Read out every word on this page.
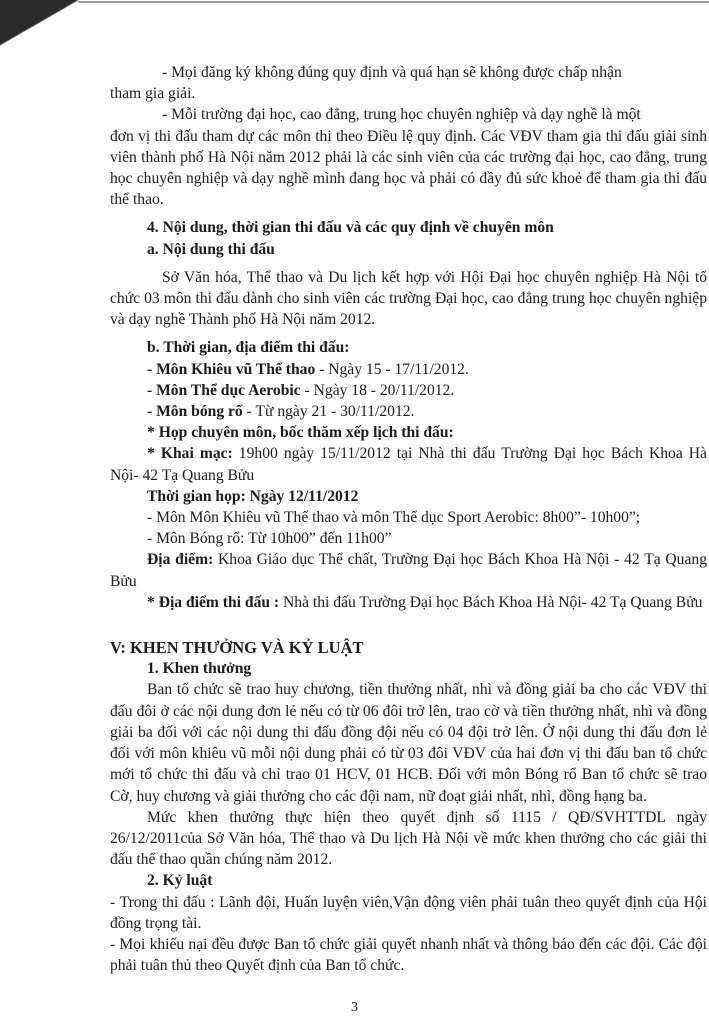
- Mọi đăng ký không đúng quy định và quá hạn sẽ không được chấp nhận

tham gia giải.

- Mỗi trường đại học, cao đẳng, trung học chuyên nghiệp và dạy nghề là một

đơn vị thi đấu tham dự các môn thi theo Điều lệ quy định. Các VĐV tham gia thi đấu giải sinh viên thành phố Hà Nội năm 2012 phải là các sinh viên của các trường đại học, cao đẳng, trung học chuyên nghiệp và dạy nghề mình đang học và phải có đầy đủ sức khoẻ để tham gia thi đấu thể thao.

4. Nội dung, thời gian thi đấu và các quy định về chuyên môn

a. Nội dung thi đấu

Sở Văn hóa, Thể thao và Du lịch kết hợp với Hội Đại học chuyên nghiệp Hà Nội tổ chức 03 môn thi đấu dành cho sinh viên các trường Đại học, cao đẳng trung học chuyên nghiệp và dạy nghề Thành phố Hà Nội năm 2012.

b. Thời gian, địa điểm thi đấu:

- Môn Khiêu vũ Thể thao - Ngày 15 - 17/11/2012.

- Môn Thể dục Aerobic - Ngày 18 - 20/11/2012.

- Môn bóng rổ - Từ ngày 21 - 30/11/2012.

* Họp chuyên môn, bốc thăm xếp lịch thi đấu:

* Khai mạc: 19h00 ngày 15/11/2012 tại Nhà thi đấu Trường Đại học Bách Khoa Hà Nội- 42 Tạ Quang Bửu

Thời gian họp: Ngày 12/11/2012

- Môn Môn Khiêu vũ Thể thao và môn Thể dục Sport Aerobic: 8h00”- 10h00”;

- Môn Bóng rổ: Từ 10h00” đến 11h00”

Địa điểm: Khoa Giáo dục Thể chất, Trường Đại học Bách Khoa Hà Nội - 42 Tạ Quang Bửu

* Địa điểm thi đấu : Nhà thi đấu Trường Đại học Bách Khoa Hà Nội- 42 Tạ Quang Bửu

V: KHEN THƯỞNG VÀ KỶ LUẬT

1. Khen thưởng

Ban tổ chức sẽ trao huy chương, tiền thưởng nhất, nhì và đồng giải ba cho các VĐV thi đấu đôi ở các nội dung đơn lẻ nếu có từ 06 đôi trở lên, trao cờ và tiền thưởng nhất, nhì và đồng giải ba đối với các nội dung thi đấu đồng đội nếu có 04 đội trở lên. Ở nội dung thi đấu đơn lẻ đối với môn khiêu vũ mỗi nội dung phải có từ 03 đôi VĐV của hai đơn vị thi đấu ban tổ chức mới tổ chức thi đấu và chỉ trao 01 HCV, 01 HCB. Đối với môn Bóng rổ Ban tổ chức sẽ trao Cờ, huy chương và giải thưởng cho các đội nam, nữ đoạt giải nhất, nhì, đồng hạng ba.

Mức khen thưởng thực hiện theo quyết định số 1115 / QĐ/SVHTTDL ngày 26/12/2011của Sở Văn hóa, Thể thao và Du lịch Hà Nội về mức khen thưởng cho các giải thi đấu thể thao quần chúng năm 2012.

2. Kỷ luật

- Trong thi đấu : Lãnh đội, Huấn luyện viên,Vận động viên phải tuân theo quyết định của Hội đồng trọng tài.

- Mọi khiếu nại đều được Ban tổ chức giải quyết nhanh nhất và thông báo đến các đội. Các đội phải tuân thủ theo Quyết định của Ban tổ chức.

3
